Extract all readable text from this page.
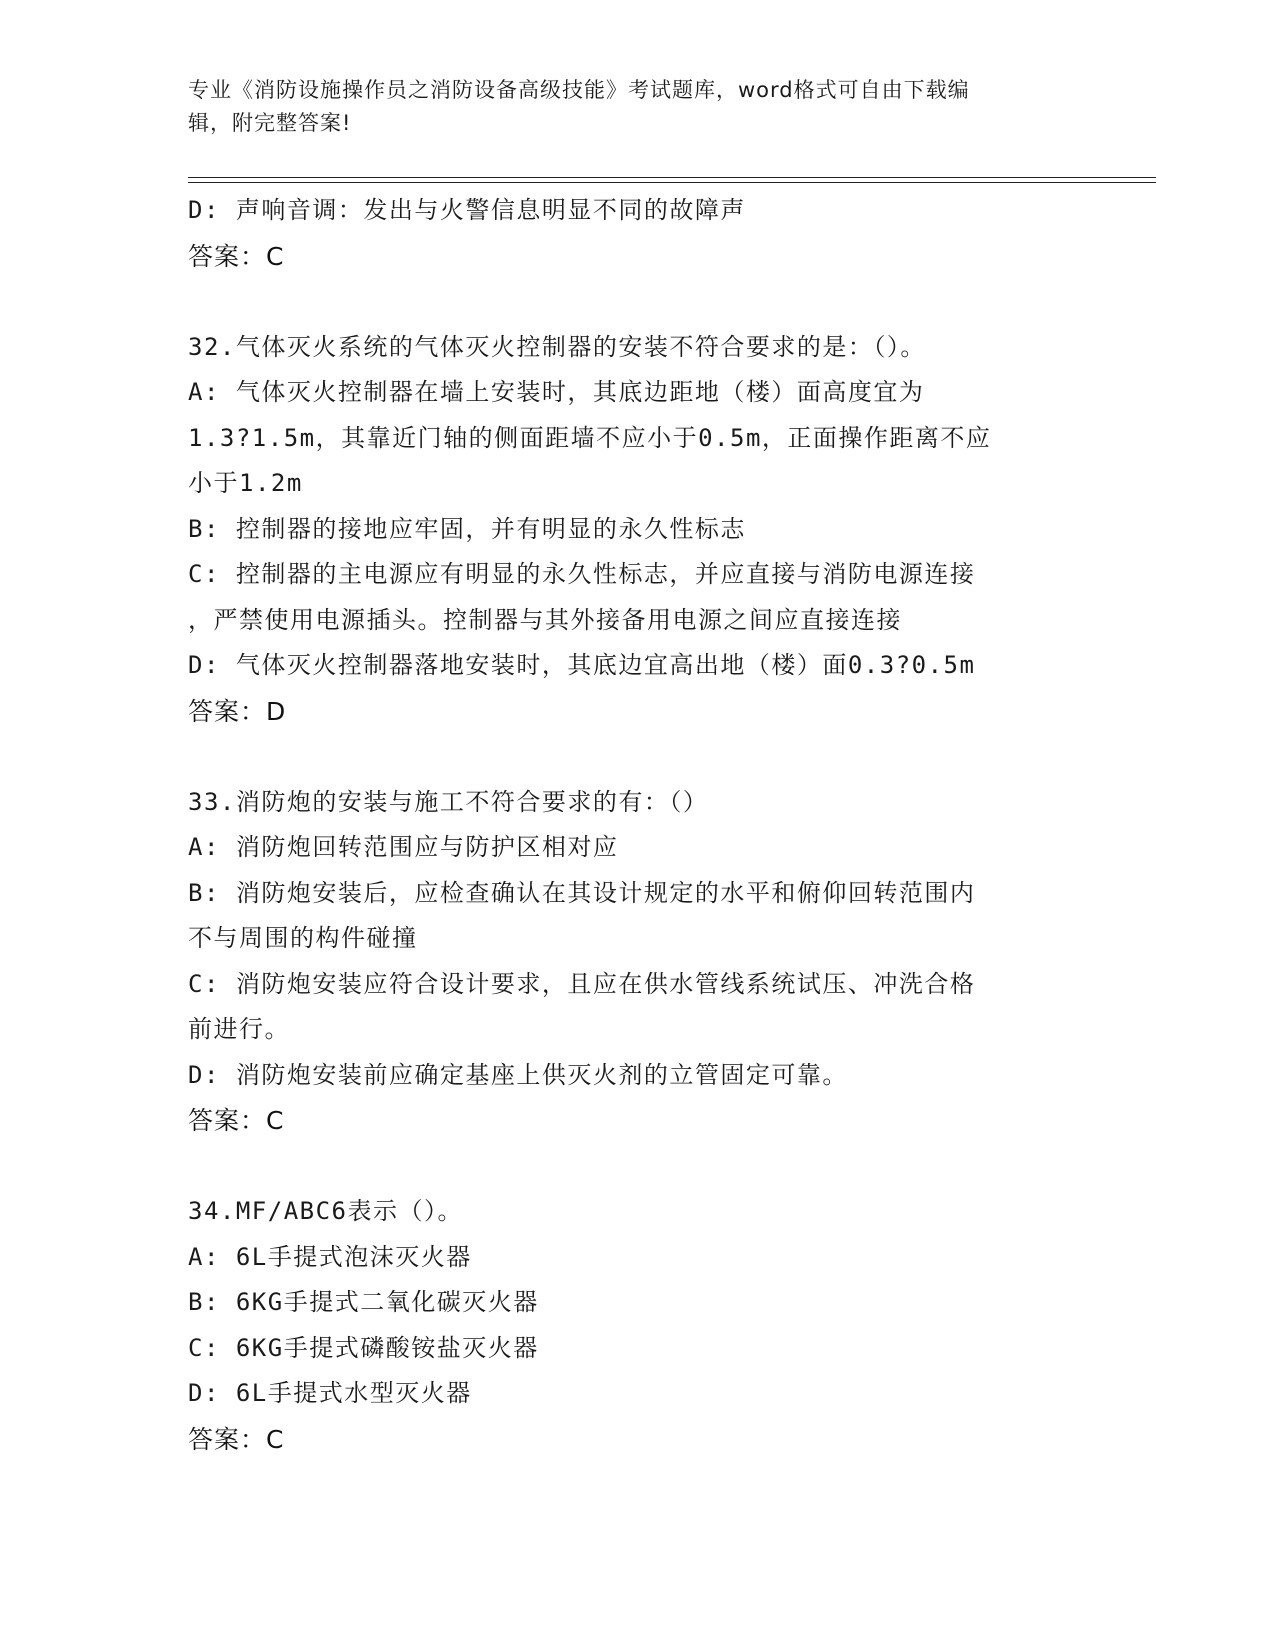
专业《消防设施操作员之消防设备高级技能》考试题库，word格式可自由下载编
辑，附完整答案!
D: 声响音调：发出与火警信息明显不同的故障声
答案：C
32.气体灭火系统的气体灭火控制器的安装不符合要求的是：（）。
A: 气体灭火控制器在墙上安装时，其底边距地（楼）面高度宜为
1.3?1.5m，其靠近门轴的侧面距墙不应小于0.5m，正面操作距离不应
小于1.2m
B: 控制器的接地应牢固，并有明显的永久性标志
C: 控制器的主电源应有明显的永久性标志，并应直接与消防电源连接
，严禁使用电源插头。控制器与其外接备用电源之间应直接连接
D: 气体灭火控制器落地安装时，其底边宜高出地（楼）面0.3?0.5m
答案：D
33.消防炮的安装与施工不符合要求的有：（）
A: 消防炮回转范围应与防护区相对应
B: 消防炮安装后，应检查确认在其设计规定的水平和俯仰回转范围内
不与周围的构件碰撞
C: 消防炮安装应符合设计要求，且应在供水管线系统试压、冲洗合格
前进行。
D: 消防炮安装前应确定基座上供灭火剂的立管固定可靠。
答案：C
34.MF/ABC6表示（）。
A: 6L手提式泡沫灭火器
B: 6KG手提式二氧化碳灭火器
C: 6KG手提式磷酸铵盐灭火器
D: 6L手提式水型灭火器
答案：C
